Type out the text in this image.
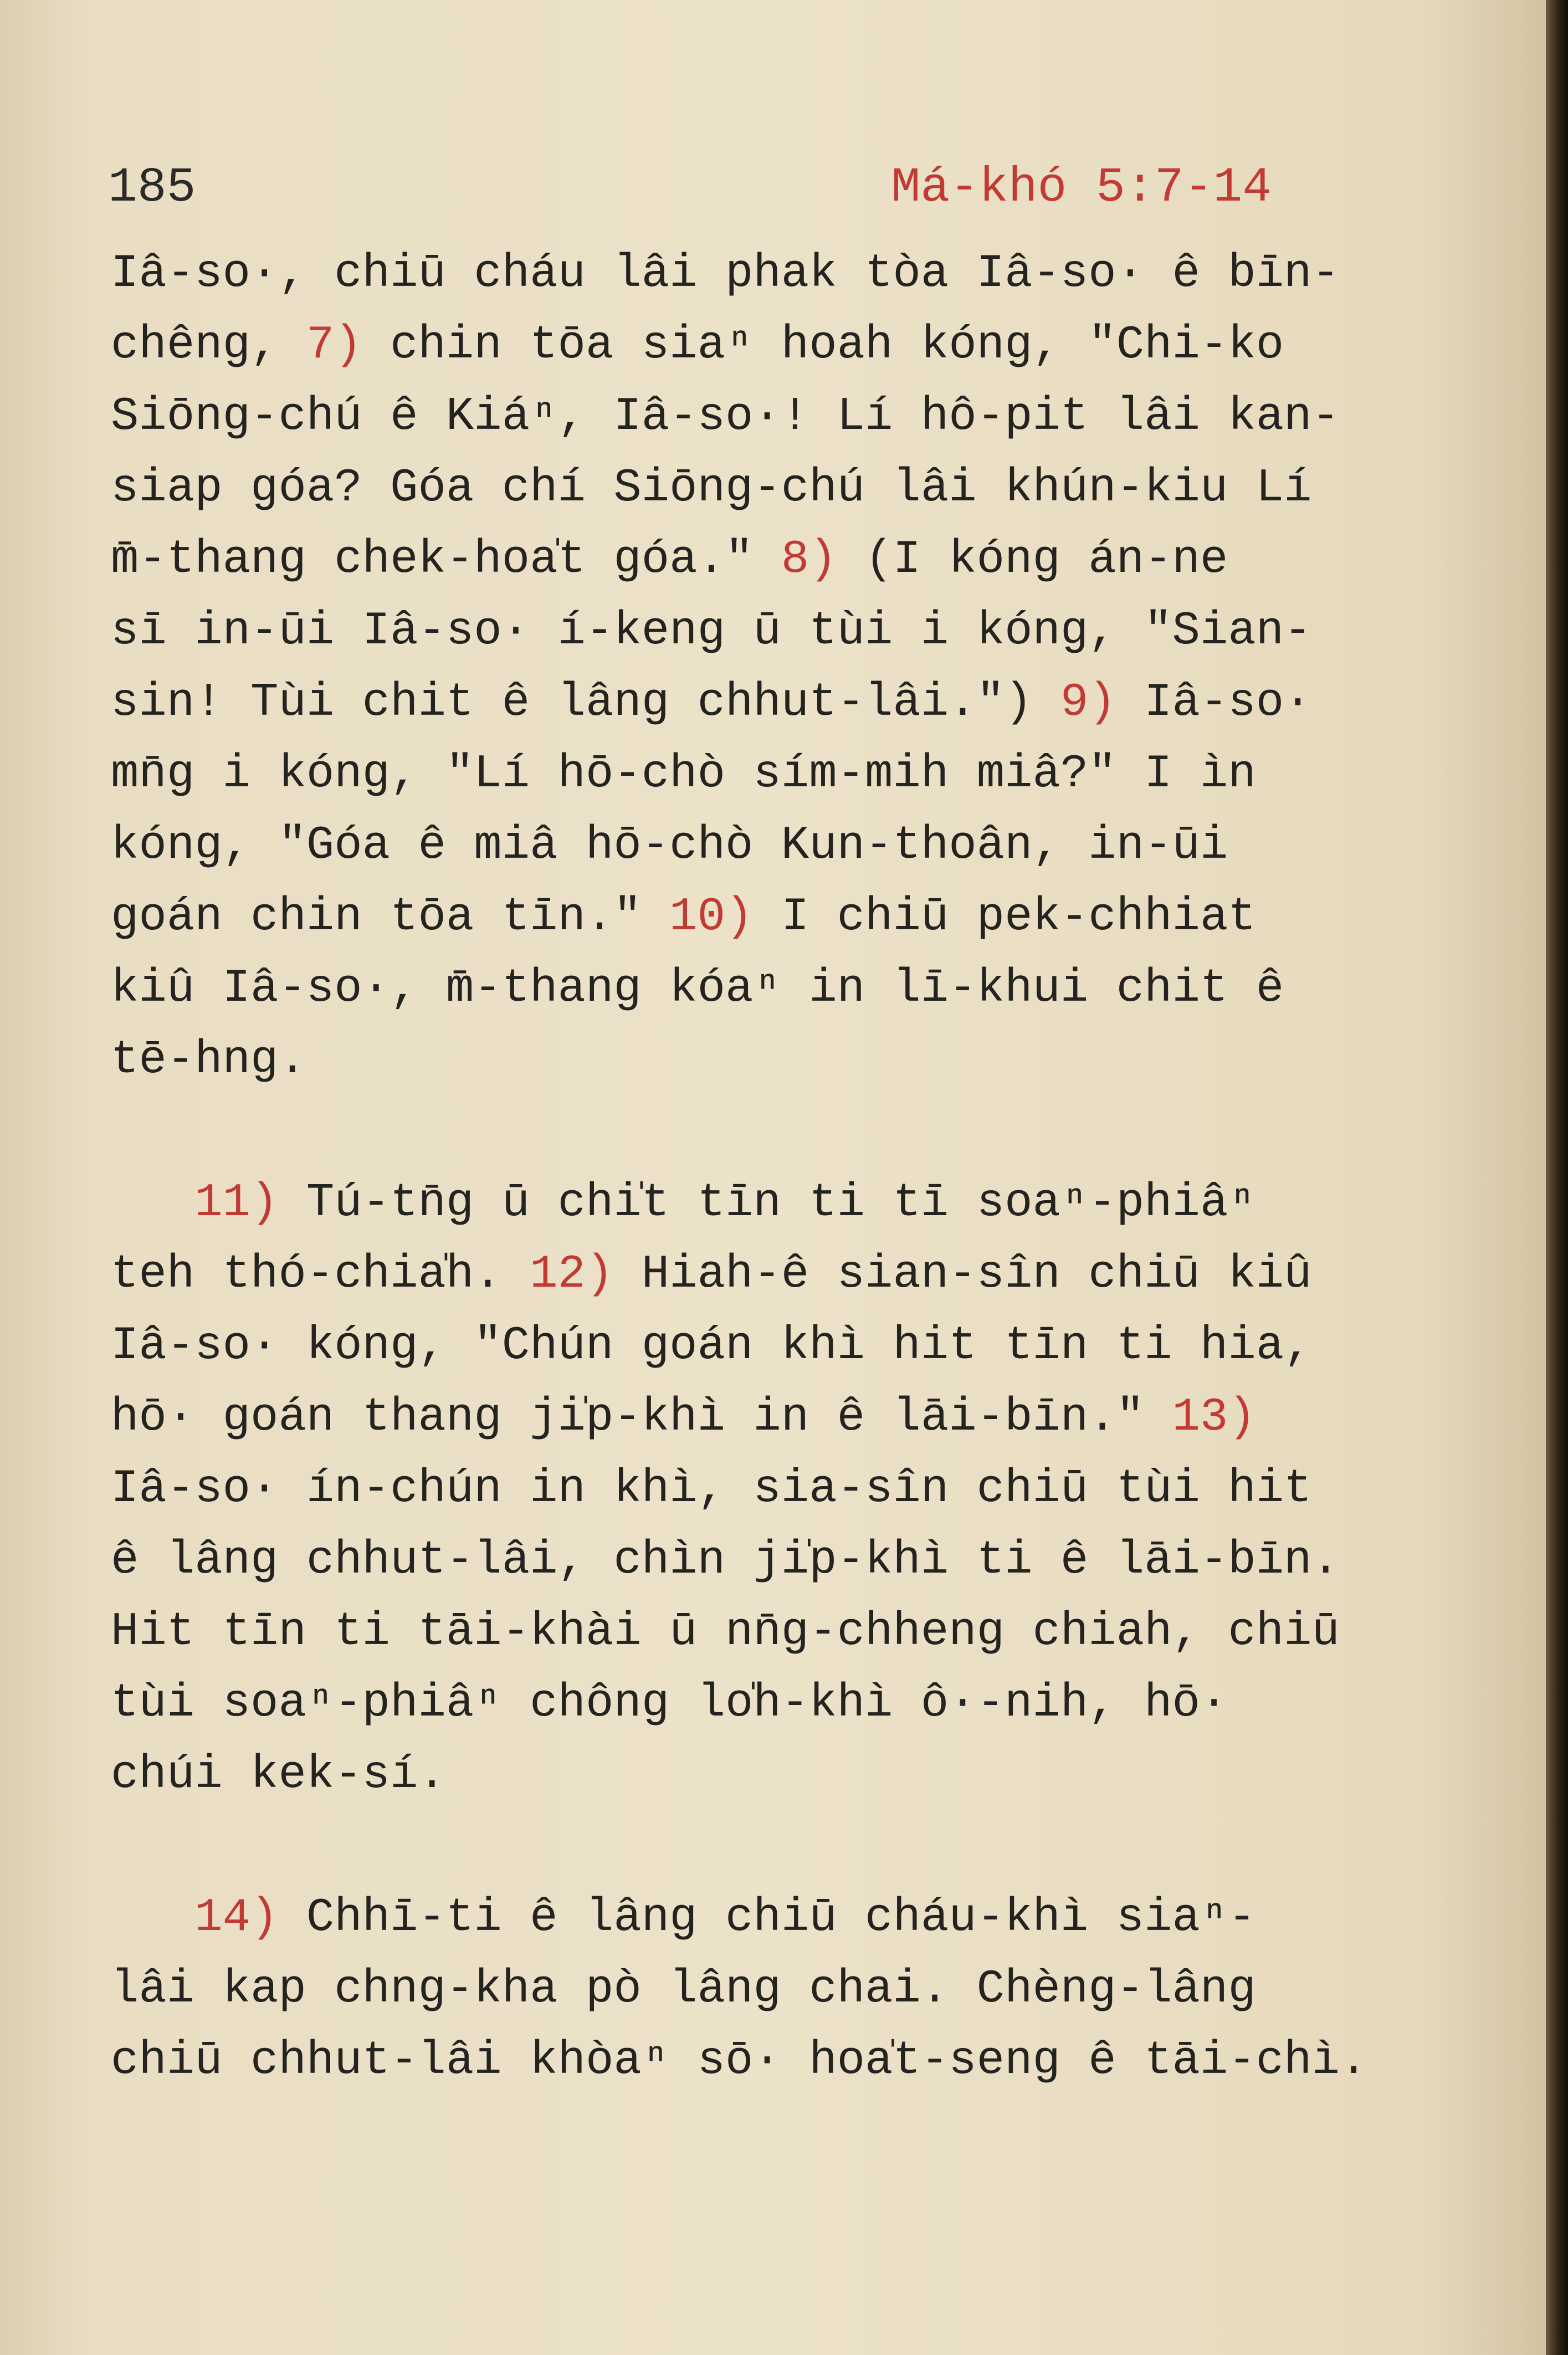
185	Má-khó 5:7-14
Iâ-so·, chiū cháu lâi phak tòa Iâ-so· ê bīn-
chêng, 7) chin tōa siaⁿ hoah kóng, "Chi-ko
Siōng-chú ê Kiáⁿ, Iâ-so·! Lí hô-pit lâi kan-
siap góa? Góa chí Siōng-chú lâi khún-kiu Lí
m̄-thang chek-hoa̍t góa." 8) (I kóng án-ne
sī in-ūi Iâ-so· í-keng ū tùi i kóng, "Sian-
sin! Tùi chit ê lâng chhut-lâi.") 9) Iâ-so·
mn̄g i kóng, "Lí hō-chò sím-mih miâ?" I ìn
kóng, "Góa ê miâ hō-chò Kun-thoân, in-ūi
goán chin tōa tīn." 10) I chiū pek-chhiat
kiû Iâ-so·, m̄-thang kóaⁿ in lī-khui chit ê
tē-hng.
11) Tú-tn̄g ū chi̍t tīn ti tī soaⁿ-phiâⁿ
teh thó-chia̍h. 12) Hiah-ê sian-sîn chiū kiû
Iâ-so· kóng, "Chún goán khì hit tīn ti hia,
hō· goán thang ji̍p-khì in ê lāi-bīn." 13)
Iâ-so· ín-chún in khì, sia-sîn chiū tùi hit
ê lâng chhut-lâi, chìn ji̍p-khì ti ê lāi-bīn.
Hit tīn ti tāi-khài ū nn̄g-chheng chiah, chiū
tùi soaⁿ-phiâⁿ chông lo̍h-khì ô·-nih, hō·
chúi kek-sí.
14) Chhī-ti ê lâng chiū cháu-khì siaⁿ-
lâi kap chng-kha pò lâng chai. Chèng-lâng
chiū chhut-lâi khòaⁿ sō· hoa̍t-seng ê tāi-chì.
